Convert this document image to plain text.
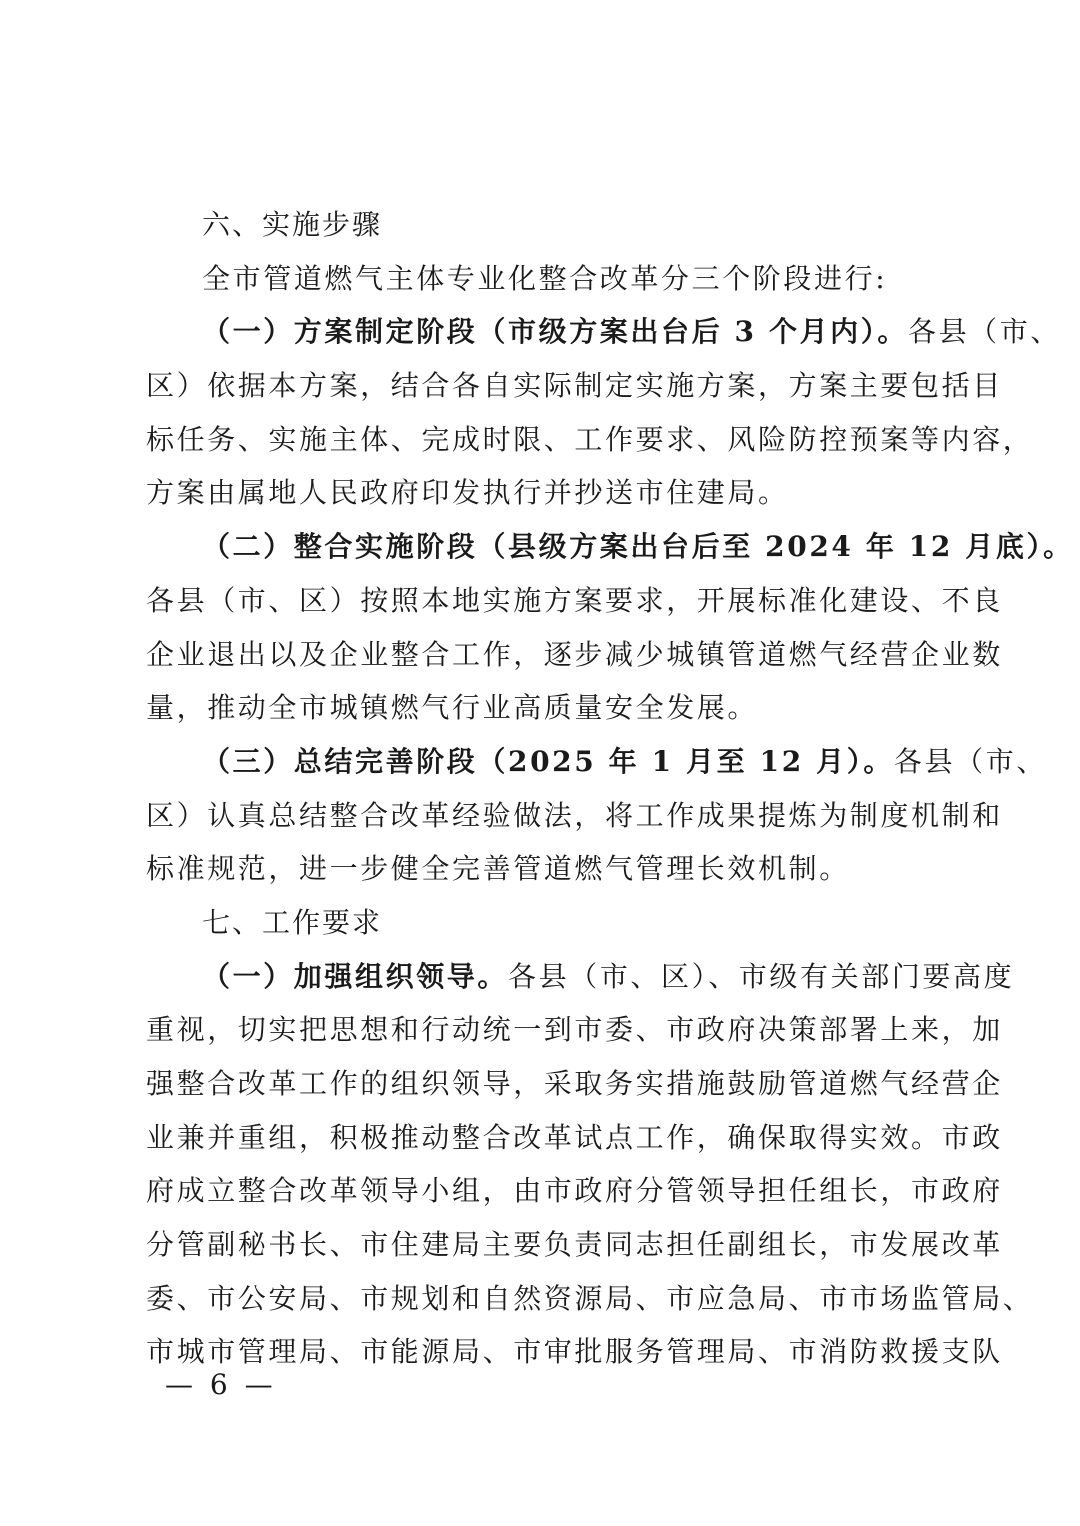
六、实施步骤
全市管道燃气主体专业化整合改革分三个阶段进行:
（一）方案制定阶段（市级方案出台后 3 个月内）。各县（市、
区）依据本方案，结合各自实际制定实施方案，方案主要包括目
标任务、实施主体、完成时限、工作要求、风险防控预案等内容，
方案由属地人民政府印发执行并抄送市住建局。
（二）整合实施阶段（县级方案出台后至 2024 年 12 月底）。
各县（市、区）按照本地实施方案要求，开展标准化建设、不良
企业退出以及企业整合工作，逐步减少城镇管道燃气经营企业数
量，推动全市城镇燃气行业高质量安全发展。
（三）总结完善阶段（2025 年 1 月至 12 月）。各县（市、
区）认真总结整合改革经验做法，将工作成果提炼为制度机制和
标准规范，进一步健全完善管道燃气管理长效机制。
七、工作要求
（一）加强组织领导。各县（市、区）、市级有关部门要高度
重视，切实把思想和行动统一到市委、市政府决策部署上来，加
强整合改革工作的组织领导，采取务实措施鼓励管道燃气经营企
业兼并重组，积极推动整合改革试点工作，确保取得实效。市政
府成立整合改革领导小组，由市政府分管领导担任组长，市政府
分管副秘书长、市住建局主要负责同志担任副组长，市发展改革
委、市公安局、市规划和自然资源局、市应急局、市市场监管局、
市城市管理局、市能源局、市审批服务管理局、市消防救援支队
— 6 —
